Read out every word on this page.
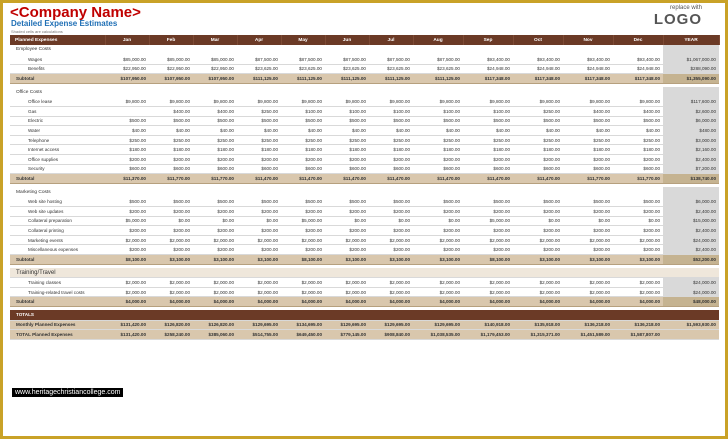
<Company Name>
Detailed Expense Estimates
Shaded cells are calculations
replace with
LOGO
Planned Expenses	Jan	Feb	Mar	Apr	May	Jun	Jul	Aug	Sep	Oct	Nov	Dec	YEAR
Employee Costs													
Wages	$85,000.00	$85,000.00	$85,000.00	$87,500.00	$87,500.00	$87,500.00	$87,500.00	$87,500.00	$93,400.00	$93,400.00	$93,400.00	$93,400.00	$1,067,000.00
Benefits	$22,950.00	$22,950.00	$22,950.00	$23,625.00	$23,625.00	$23,625.00	$23,625.00	$23,625.00	$24,948.00	$24,948.00	$24,948.00	$24,948.00	$288,090.00
Subtotal	$107,950.00	$107,950.00	$107,950.00	$111,125.00	$111,125.00	$111,125.00	$111,125.00	$111,125.00	$117,348.00	$117,348.00	$117,348.00	$117,348.00	$1,355,090.00

Office Costs													
Office lease	$9,800.00	$9,800.00	$9,800.00	$9,800.00	$9,800.00	$9,800.00	$9,800.00	$9,800.00	$9,800.00	$9,800.00	$9,800.00	$9,800.00	$117,600.00
Gas		$400.00	$400.00	$250.00	$100.00	$100.00	$100.00	$100.00	$100.00	$250.00	$400.00	$400.00	$2,600.00
Electric	$500.00	$500.00	$500.00	$500.00	$500.00	$500.00	$500.00	$500.00	$500.00	$500.00	$500.00	$500.00	$6,000.00
Water	$40.00	$40.00	$40.00	$40.00	$40.00	$40.00	$40.00	$40.00	$40.00	$40.00	$40.00	$40.00	$480.00
Telephone	$250.00	$250.00	$250.00	$250.00	$250.00	$250.00	$250.00	$250.00	$250.00	$250.00	$250.00	$250.00	$3,000.00
Internet access	$180.00	$180.00	$180.00	$180.00	$180.00	$180.00	$180.00	$180.00	$180.00	$180.00	$180.00	$180.00	$2,160.00
Office supplies	$200.00	$200.00	$200.00	$200.00	$200.00	$200.00	$200.00	$200.00	$200.00	$200.00	$200.00	$200.00	$2,400.00
Security	$600.00	$600.00	$600.00	$600.00	$600.00	$600.00	$600.00	$600.00	$600.00	$600.00	$600.00	$600.00	$7,200.00
Subtotal	$11,370.00	$11,770.00	$11,770.00	$11,470.00	$11,470.00	$11,470.00	$11,470.00	$11,470.00	$11,470.00	$11,470.00	$11,770.00	$11,770.00	$138,740.00

Marketing Costs													
Web site hosting	$500.00	$500.00	$500.00	$500.00	$500.00	$500.00	$500.00	$500.00	$500.00	$500.00	$500.00	$500.00	$6,000.00
Web site updates	$200.00	$200.00	$200.00	$200.00	$200.00	$200.00	$200.00	$200.00	$200.00	$200.00	$200.00	$200.00	$2,400.00
Collateral preparation	$5,000.00	$0.00	$0.00	$0.00	$5,000.00	$0.00	$0.00	$0.00	$5,000.00	$0.00	$0.00	$0.00	$15,000.00
Collateral printing	$200.00	$200.00	$200.00	$200.00	$200.00	$200.00	$200.00	$200.00	$200.00	$200.00	$200.00	$200.00	$2,400.00
Marketing events	$2,000.00	$2,000.00	$2,000.00	$2,000.00	$2,000.00	$2,000.00	$2,000.00	$2,000.00	$2,000.00	$2,000.00	$2,000.00	$2,000.00	$24,000.00
Miscellaneous expenses	$200.00	$200.00	$200.00	$200.00	$200.00	$200.00	$200.00	$200.00	$200.00	$200.00	$200.00	$200.00	$2,400.00
Subtotal	$8,100.00	$3,100.00	$3,100.00	$3,100.00	$8,100.00	$3,100.00	$3,100.00	$3,100.00	$8,100.00	$3,100.00	$3,100.00	$3,100.00	$52,200.00

Training/Travel													
Training classes	$2,000.00	$2,000.00	$2,000.00	$2,000.00	$2,000.00	$2,000.00	$2,000.00	$2,000.00	$2,000.00	$2,000.00	$2,000.00	$2,000.00	$24,000.00
Training-related travel costs	$2,000.00	$2,000.00	$2,000.00	$2,000.00	$2,000.00	$2,000.00	$2,000.00	$2,000.00	$2,000.00	$2,000.00	$2,000.00	$2,000.00	$24,000.00
Subtotal	$4,000.00	$4,000.00	$4,000.00	$4,000.00	$4,000.00	$4,000.00	$4,000.00	$4,000.00	$4,000.00	$4,000.00	$4,000.00	$4,000.00	$48,000.00

TOTALS													
Monthly Planned Expenses	$131,420.00	$126,820.00	$126,820.00	$129,695.00	$134,695.00	$129,695.00	$129,695.00	$129,695.00	$140,918.00	$135,918.00	$136,218.00	$136,218.00	$1,593,930.00
TOTAL Planned Expenses	$131,420.00	$258,240.00	$385,060.00	$514,755.00	$649,450.00	$779,145.00	$908,840.00	$1,038,535.00	$1,179,453.00	$1,315,371.00	$1,451,589.00	$1,587,807.00	
www.heritagechristiancollege.com
